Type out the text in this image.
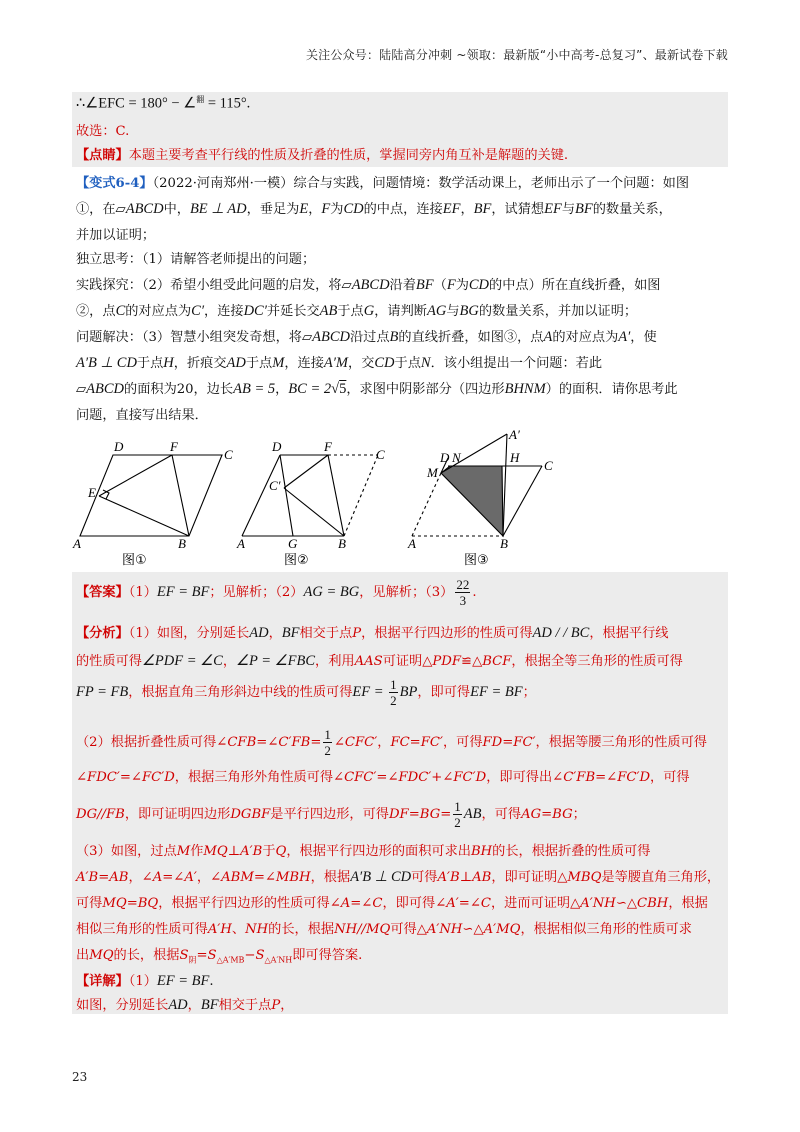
关注公众号：陆陆高分冲刺 ~领取：最新版“小中高考-总复习”、最新试卷下载
∴∠EFC = 180° − ∠$^翻$ = 115°.
故选：C.
【点睛】本题主要考查平行线的性质及折叠的性质，掌握同旁内角互补是解题的关键.
【变式6-4】（2022·河南郑州·一模）综合与实践，问题情境：数学活动课上，老师出示了一个问题：如图
①，在▱ABCD中，BE ⊥ AD，垂足为E，F为CD的中点，连接EF，BF，试猜想EF与BF的数量关系，
并加以证明；
独立思考：（1）请解答老师提出的问题；
实践探究：（2）希望小组受此问题的启发，将▱ABCD沿着BF（F为CD的中点）所在直线折叠，如图
②，点C的对应点为C′，连接DC′并延长交AB于点G，请判断AG与BG的数量关系，并加以证明；
问题解决：（3）智慧小组突发奇想，将▱ABCD沿过点B的直线折叠，如图③，点A的对应点为A′，使
A′B ⊥ CD于点H，折痕交AD于点M，连接A′M，交CD于点N．该小组提出一个问题：若此
▱ABCD的面积为20，边长AB = 5，BC = 2√5，求图中阴影部分（四边形BHNM）的面积．请你思考此
问题，直接写出结果．
D	F
C
E
A	B
图①
D	F
C
C′
A	G	B
图②
A′
D N	H
C
M
A	B
图③
【答案】（1）EF = BF；见解析；（2）AG = BG，见解析；$(3) \frac{22}{3}$ .
【分析】（1）如图，分别延长AD，BF相交于点P，根据平行四边形的性质可得AD / / BC，根据平行线
的性质可得∠PDF = ∠C，∠P = ∠FBC，利用AAS可证明△PDF≌△BCF，根据全等三角形的性质可得
FP = FB，根据直角三角形斜边中线的性质可得EF = $\frac{1}{2}$ BP，即可得EF = BF；
（2）根据折叠性质可得∠CFB=∠C′FB= $\frac{1}{2}$ ∠CFC′，FC=FC′，可得FD=FC′，根据等腰三角形的性质可得
∠FDC′=∠FC′D，根据三角形外角性质可得∠CFC′=∠FDC′+∠FC′D，即可得出∠C′FB=∠FC′D，可得
DG//FB，即可证明四边形DGBF是平行四边形，可得$DF=BG= \frac{1}{2}$ AB，可得AG=BG；
（3）如图，过点M作MQ⊥A′B于Q，根据平行四边形的面积可求出BH的长，根据折叠的性质可得
A′B=AB，∠A=∠A′，∠ABM=∠MBH，根据A′B ⊥ CD可得A′B⊥AB，即可证明△MBQ是等腰直角三角形，
可得MQ=BQ，根据平行四边形的性质可得∠A=∠C，即可得∠A′=∠C，进而可证明△A′NH∽△CBH，根据
相似三角形的性质可得A′H、NH的长，根据NH//MQ可得△A′NH∽△A′MQ，根据相似三角形的性质可求
出MQ的长，根据$S_阴=S_{\triangle A'MB}-S_{\triangle A'NH}$即可得答案.
【详解】（1）EF = BF.
如图，分别延长AD，BF相交于点P，
23
